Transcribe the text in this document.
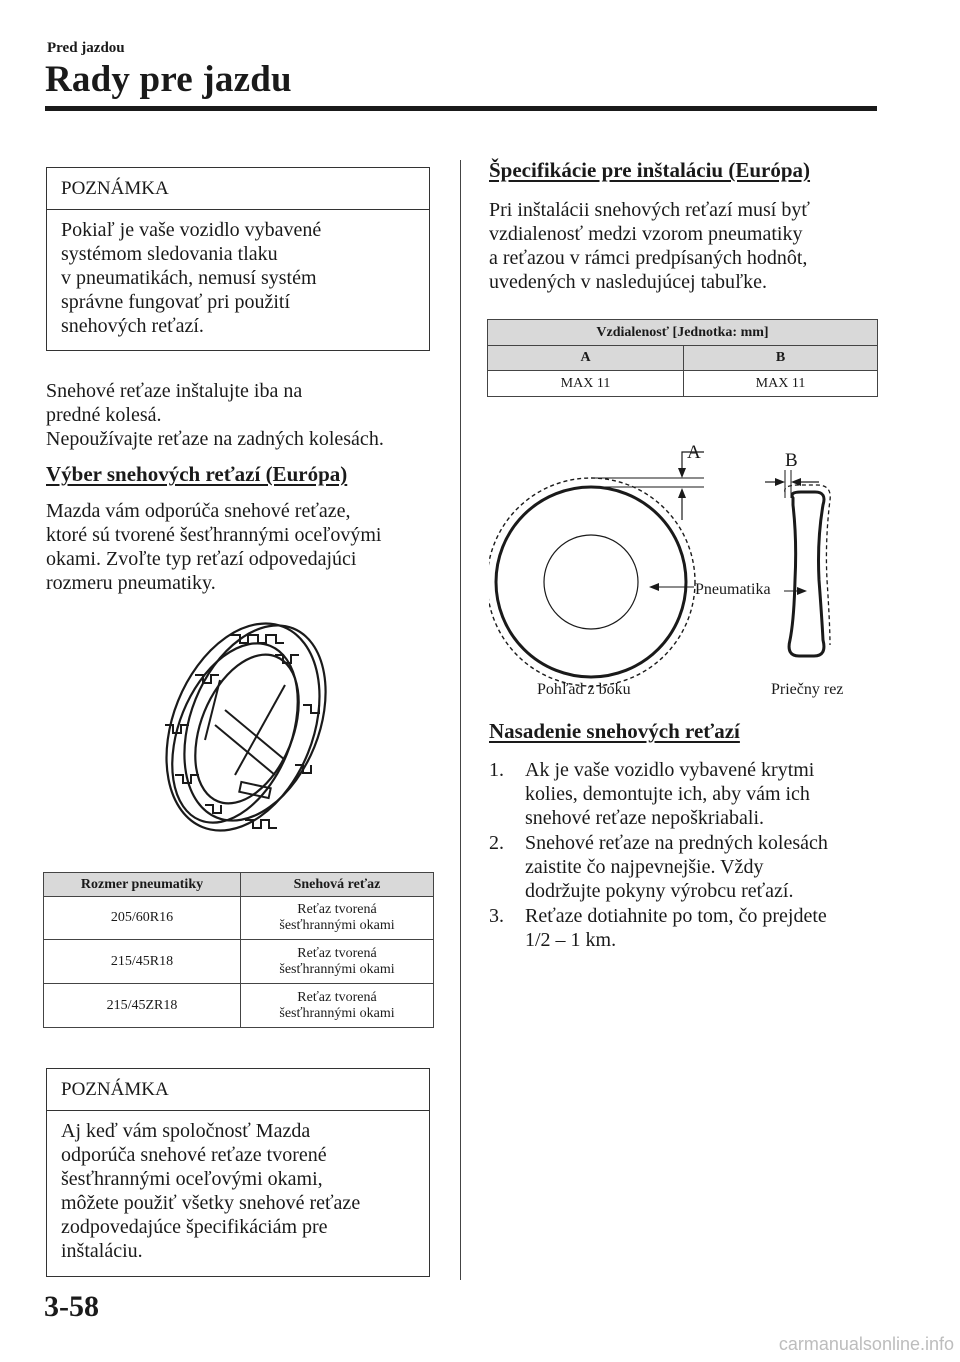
Pred jazdou
Rady pre jazdu
POZNÁMKA
Pokiaľ je vaše vozidlo vybavené
systémom sledovania tlaku
v pneumatikách, nemusí systém
správne fungovať pri použití
snehových reťazí.
Snehové reťaze inštalujte iba na
predné kolesá.
Nepoužívajte reťaze na zadných kolesách.
Výber snehových reťazí (Európa)
Mazda vám odporúča snehové reťaze,
ktoré sú tvorené šesťhrannými oceľovými
okami. Zvoľte typ reťazí odpovedajúci
rozmeru pneumatiky.
Rozmer pneumatiky	Snehová reťaz
205/60R16	Reťaz tvorená
šesťhrannými okami

215/45R18	Reťaz tvorená
šesťhrannými okami

215/45ZR18	Reťaz tvorená
šesťhrannými okami
POZNÁMKA
Aj keď vám spoločnosť Mazda
odporúča snehové reťaze tvorené
šesťhrannými oceľovými okami,
môžete použiť všetky snehové reťaze
zodpovedajúce špecifikáciám pre
inštaláciu.
Špecifikácie pre inštaláciu (Európa)
Pri inštalácii snehových reťazí musí byť
vzdialenosť medzi vzorom pneumatiky
a reťazou v rámci predpísaných hodnôt,
uvedených v nasledujúcej tabuľke.
Vzdialenosť [Jednotka: mm]	
A	B
MAX 11	MAX 11
A
Pneumatika
B
Pohľad z boku	Priečny rez
Nasadenie snehových reťazí
1. Ak je vaše vozidlo vybavené krytmi
kolies, demontujte ich, aby vám ich
snehové reťaze nepoškriabali.
2. Snehové reťaze na predných kolesách
zaistite čo najpevnejšie. Vždy
dodržujte pokyny výrobcu reťazí.
3. Reťaze dotiahnite po tom, čo prejdete
1/2 – 1 km.
3-58
carmanualsonline.info
